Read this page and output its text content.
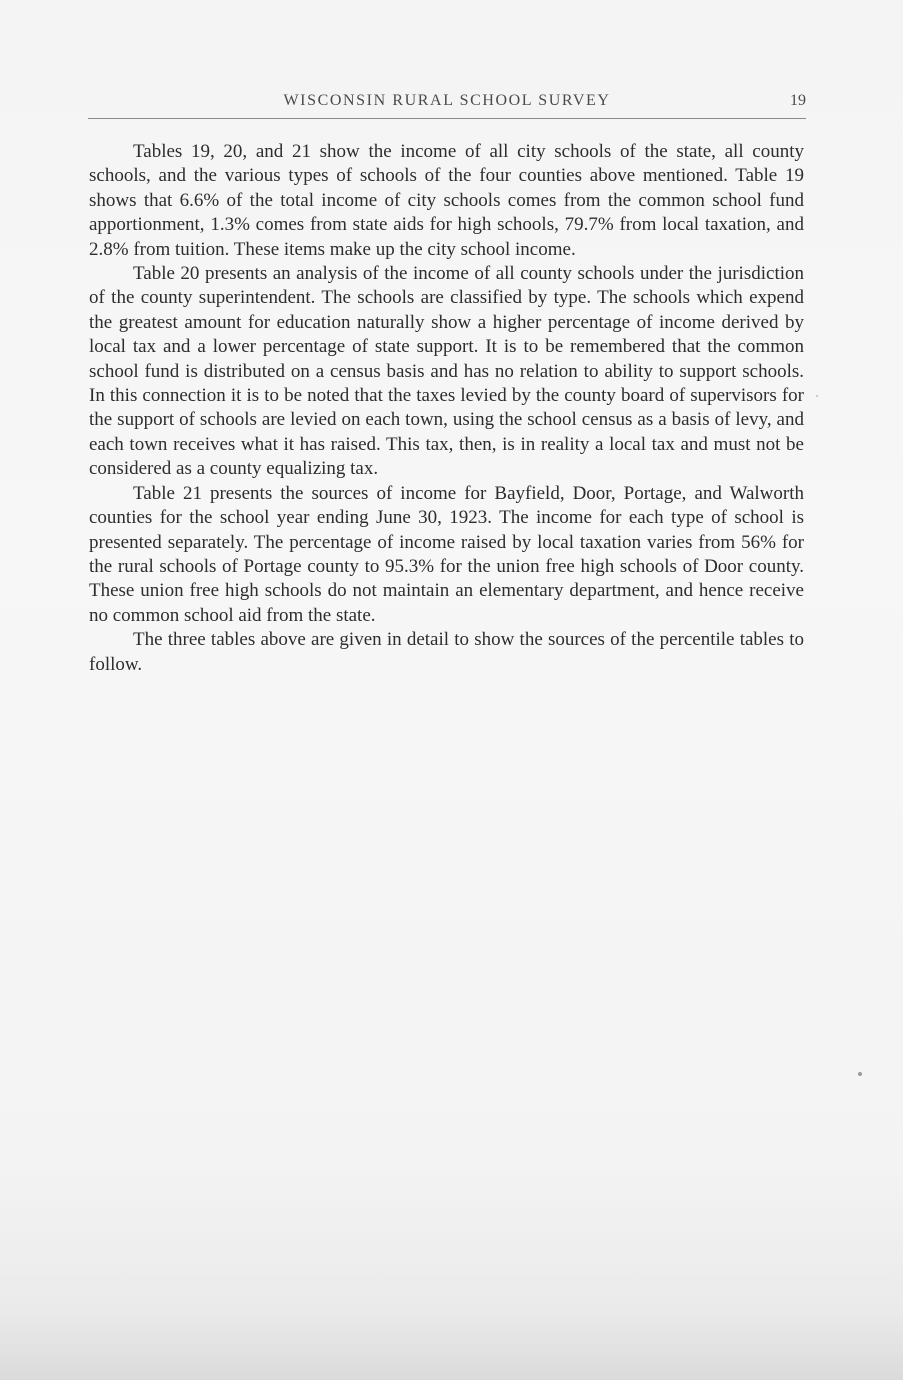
WISCONSIN RURAL SCHOOL SURVEY	19

Tables 19, 20, and 21 show the income of all city schools of the state, all county schools, and the various types of schools of the four counties above mentioned. Table 19 shows that 6.6% of the total income of city schools comes from the common school fund apportionment, 1.3% comes from state aids for high schools, 79.7% from local taxation, and 2.8% from tuition. These items make up the city school income.

Table 20 presents an analysis of the income of all county schools under the jurisdiction of the county superintendent. The schools are classified by type. The schools which expend the greatest amount for education naturally show a higher percentage of income derived by local tax and a lower percentage of state support. It is to be remembered that the common school fund is distributed on a census basis and has no relation to ability to support schools. In this connection it is to be noted that the taxes levied by the county board of supervisors for the support of schools are levied on each town, using the school census as a basis of levy, and each town receives what it has raised. This tax, then, is in reality a local tax and must not be considered as a county equalizing tax.

Table 21 presents the sources of income for Bayfield, Door, Portage, and Walworth counties for the school year ending June 30, 1923. The income for each type of school is presented separately. The percentage of income raised by local taxation varies from 56% for the rural schools of Portage county to 95.3% for the union free high schools of Door county. These union free high schools do not maintain an elementary department, and hence receive no common school aid from the state.

The three tables above are given in detail to show the sources of the percentile tables to follow.
